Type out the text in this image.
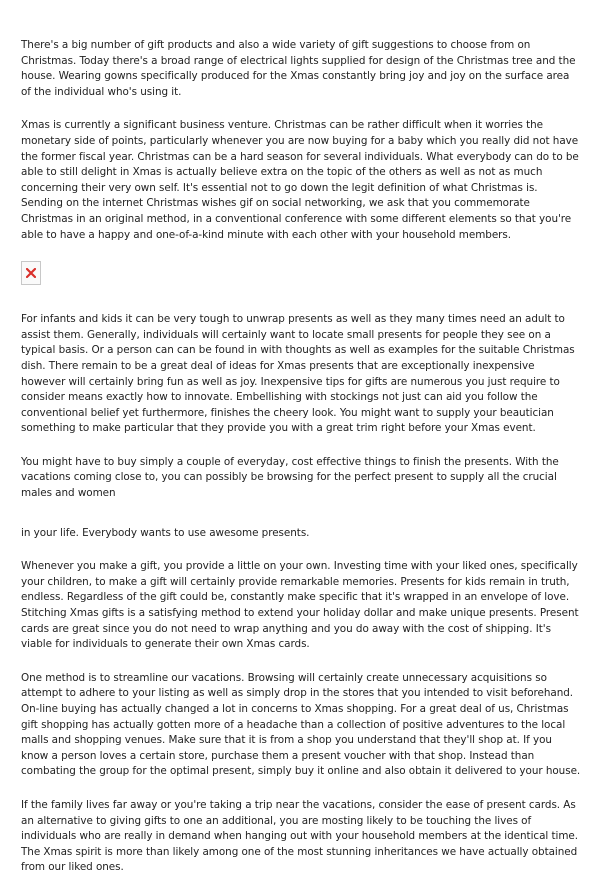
There's a big number of gift products and also a wide variety of gift suggestions to choose from on Christmas. Today there's a broad range of electrical lights supplied for design of the Christmas tree and the house. Wearing gowns specifically produced for the Xmas constantly bring joy and joy on the surface area of the individual who's using it.

Xmas is currently a significant business venture. Christmas can be rather difficult when it worries the monetary side of points, particularly whenever you are now buying for a baby which you really did not have the former fiscal year. Christmas can be a hard season for several individuals. What everybody can do to be able to still delight in Xmas is actually believe extra on the topic of the others as well as not as much concerning their very own self. It's essential not to go down the legit definition of what Christmas is. Sending on the internet Christmas wishes gif on social networking, we ask that you commemorate Christmas in an original method, in a conventional conference with some different elements so that you're able to have a happy and one-of-a-kind minute with each other with your household members.

For infants and kids it can be very tough to unwrap presents as well as they many times need an adult to assist them. Generally, individuals will certainly want to locate small presents for people they see on a typical basis. Or a person can can be found in with thoughts as well as examples for the suitable Christmas dish. There remain to be a great deal of ideas for Xmas presents that are exceptionally inexpensive however will certainly bring fun as well as joy. Inexpensive tips for gifts are numerous you just require to consider means exactly how to innovate. Embellishing with stockings not just can aid you follow the conventional belief yet furthermore, finishes the cheery look. You might want to supply your beautician something to make particular that they provide you with a great trim right before your Xmas event.

You might have to buy simply a couple of everyday, cost effective things to finish the presents. With the vacations coming close to, you can possibly be browsing for the perfect present to supply all the crucial males and women

in your life. Everybody wants to use awesome presents.

Whenever you make a gift, you provide a little on your own. Investing time with your liked ones, specifically your children, to make a gift will certainly provide remarkable memories. Presents for kids remain in truth, endless. Regardless of the gift could be, constantly make specific that it's wrapped in an envelope of love. Stitching Xmas gifts is a satisfying method to extend your holiday dollar and make unique presents. Present cards are great since you do not need to wrap anything and you do away with the cost of shipping. It's viable for individuals to generate their own Xmas cards.

One method is to streamline our vacations. Browsing will certainly create unnecessary acquisitions so attempt to adhere to your listing as well as simply drop in the stores that you intended to visit beforehand. On-line buying has actually changed a lot in concerns to Xmas shopping. For a great deal of us, Christmas gift shopping has actually gotten more of a headache than a collection of positive adventures to the local malls and shopping venues. Make sure that it is from a shop you understand that they'll shop at. If you know a person loves a certain store, purchase them a present voucher with that shop. Instead than combating the group for the optimal present, simply buy it online and also obtain it delivered to your house.

If the family lives far away or you're taking a trip near the vacations, consider the ease of present cards. As an alternative to giving gifts to one an additional, you are mosting likely to be touching the lives of individuals who are really in demand when hanging out with your household members at the identical time. The Xmas spirit is more than likely among one of the most stunning inheritances we have actually obtained from our liked ones.
